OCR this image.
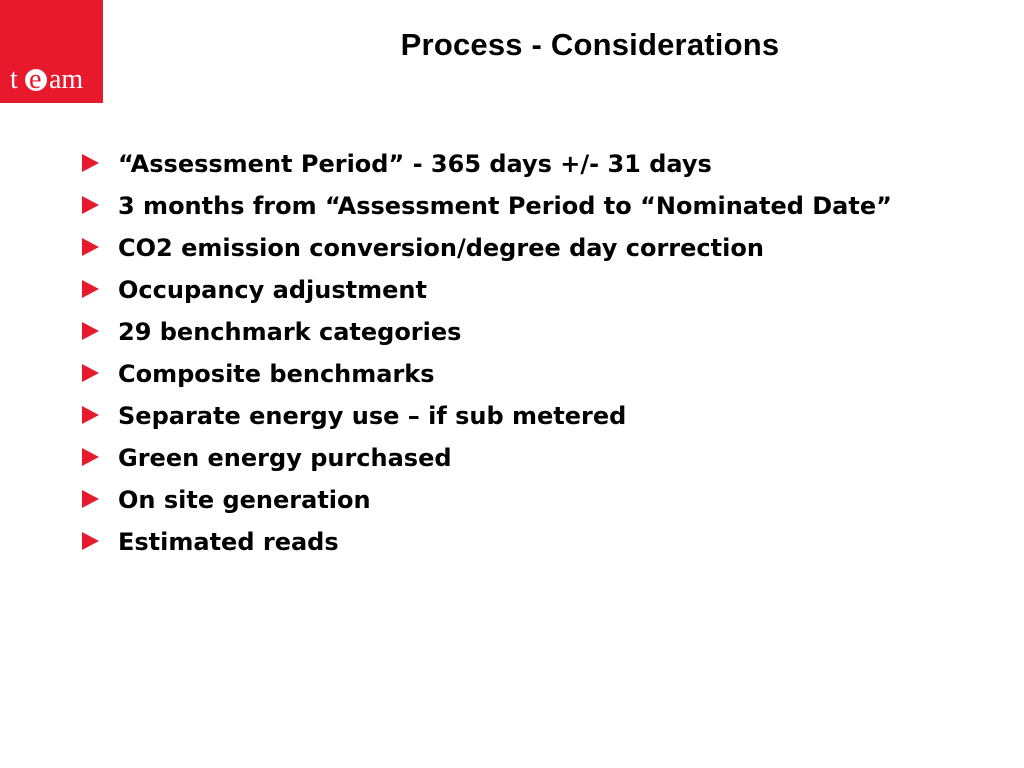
t e am
Process - Considerations
“Assessment Period” - 365 days +/- 31 days
3 months from “Assessment Period to “Nominated Date”
CO2 emission conversion/degree day correction
Occupancy adjustment
29 benchmark categories
Composite benchmarks
Separate energy use – if sub metered
Green energy purchased
On site generation
Estimated reads
